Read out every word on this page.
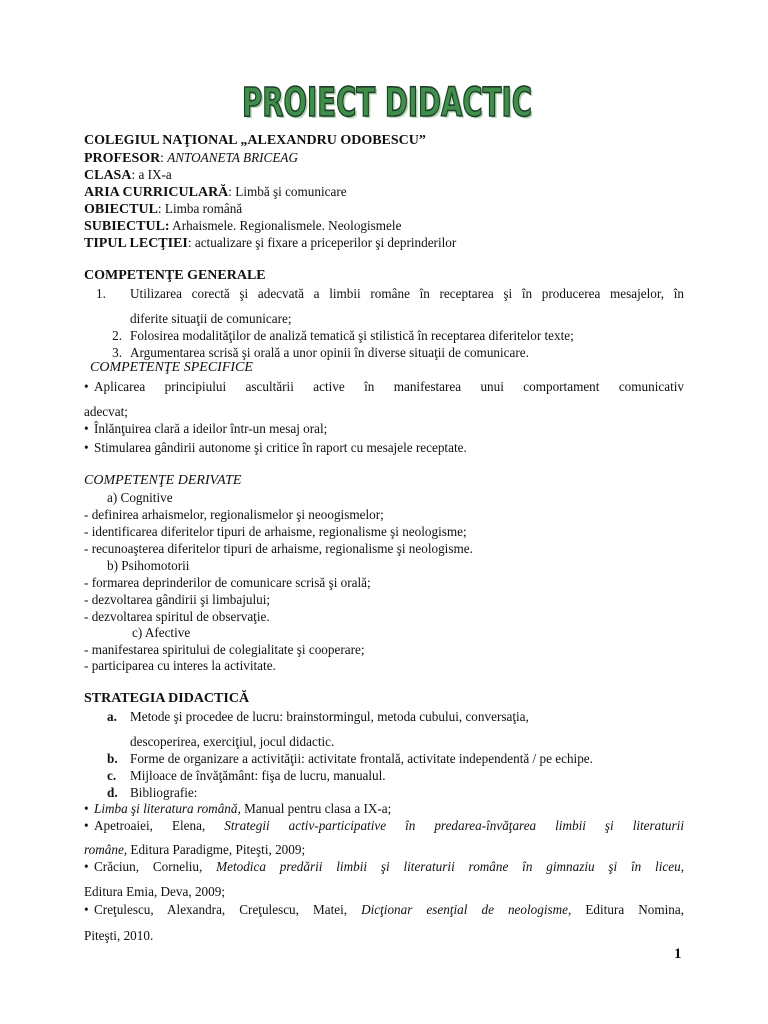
PROIECT DIDACTIC
PROIECT DIDACTIC
COLEGIUL NAŢIONAL „ALEXANDRU ODOBESCU”
PROFESOR: ANTOANETA BRICEAG
CLASA: a IX-a
ARIA CURRICULARĂ: Limbă şi comunicare
OBIECTUL: Limba română
SUBIECTUL: Arhaismele. Regionalismele. Neologismele
TIPUL LECŢIEI: actualizare şi fixare a priceperilor şi deprinderilor
COMPETENŢE GENERALE
1. Utilizarea corectă şi adecvată a limbii române în receptarea şi în producerea mesajelor, în
diferite situaţii de comunicare;
2. Folosirea modalităţilor de analiză tematică şi stilistică în receptarea diferitelor texte;
3. Argumentarea scrisă şi orală a unor opinii în diverse situaţii de comunicare.
COMPETENŢE SPECIFICE
• Aplicarea principiului ascultării active în manifestarea unui comportament comunicativ
adecvat;
• Înlănţuirea clară a ideilor într-un mesaj oral;
• Stimularea gândirii autonome şi critice în raport cu mesajele receptate.
COMPETENŢE DERIVATE
a) Cognitive
- definirea arhaismelor, regionalismelor şi neoogismelor;
- identificarea diferitelor tipuri de arhaisme, regionalisme şi neologisme;
- recunoaşterea diferitelor tipuri de arhaisme, regionalisme şi neologisme.
b) Psihomotorii
- formarea deprinderilor de comunicare scrisă şi orală;
- dezvoltarea gândirii şi limbajului;
- dezvoltarea spiritul de observaţie.
c) Afective
- manifestarea spiritului de colegialitate şi cooperare;
- participarea cu interes la activitate.
STRATEGIA DIDACTICĂ
a. Metode şi procedee de lucru: brainstormingul, metoda cubului, conversaţia,
descoperirea, exerciţiul, jocul didactic.
b. Forme de organizare a activităţii: activitate frontală, activitate independentă / pe echipe.
c. Mijloace de învăţământ: fişa de lucru, manualul.
d. Bibliografie:
• Limba şi literatura română, Manual pentru clasa a IX-a;
• Apetroaiei, Elena, Strategii activ-participative în predarea-învăţarea limbii şi literaturii
române, Editura Paradigme, Piteşti, 2009;
• Crăciun, Corneliu, Metodica predării limbii şi literaturii române în gimnaziu şi în liceu,
Editura Emia, Deva, 2009;
• Creţulescu, Alexandra, Creţulescu, Matei, Dicţionar esenţial de neologisme, Editura Nomina,
Piteşti, 2010.
1
